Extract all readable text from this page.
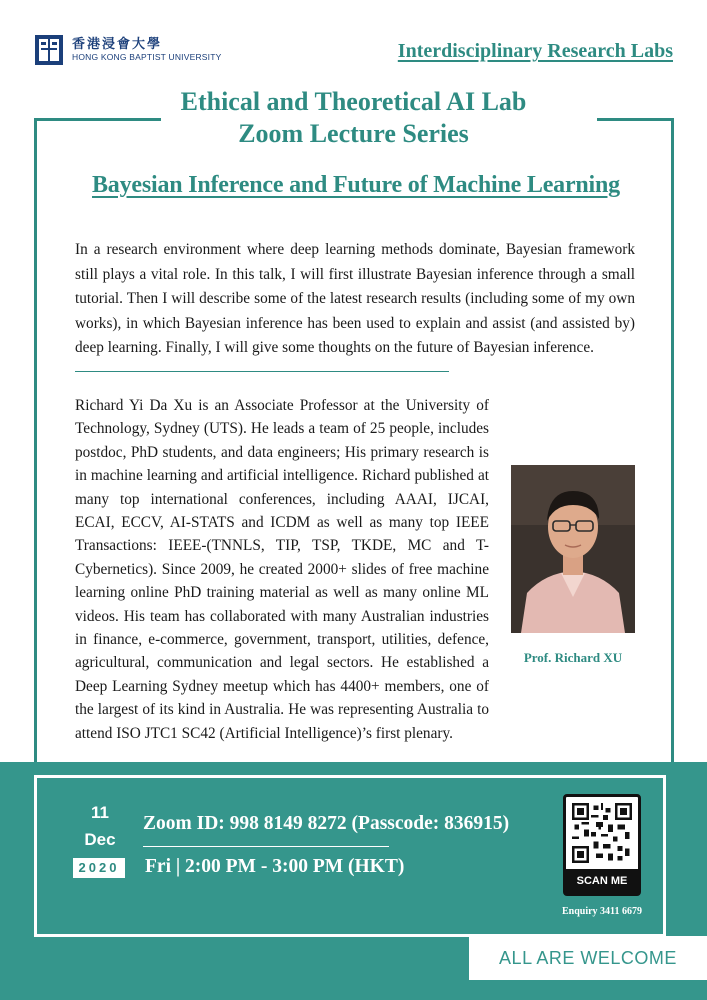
香港浸會大學
HONG KONG BAPTIST UNIVERSITY	Interdisciplinary Research Labs
Ethical and Theoretical AI Lab
Zoom Lecture Series
Bayesian Inference and Future of Machine Learning
In a research environment where deep learning methods dominate, Bayesian framework still plays a vital role. In this talk, I will first illustrate Bayesian inference through a small tutorial. Then I will describe some of the latest research results (including some of my own works), in which Bayesian inference has been used to explain and assist (and assisted by) deep learning. Finally, I will give some thoughts on the future of Bayesian inference.
Richard Yi Da Xu is an Associate Professor at the University of Technology, Sydney (UTS). He leads a team of 25 people, includes postdoc, PhD students, and data engineers; His primary research is in machine learning and artificial intelligence. Richard published at many top international conferences, including AAAI, IJCAI, ECAI, ECCV, AI-STATS and ICDM as well as many top IEEE Transactions: IEEE-(TNNLS, TIP, TSP, TKDE, MC and T-Cybernetics). Since 2009, he created 2000+ slides of free machine learning online PhD training material as well as many online ML videos. His team has collaborated with many Australian industries in finance, e-commerce, government, transport, utilities, defence, agricultural, communication and legal sectors. He established a Deep Learning Sydney meetup which has 4400+ members, one of the largest of its kind in Australia. He was representing Australia to attend ISO JTC1 SC42 (Artificial Intelligence)’s first plenary.
Prof. Richard XU
11
Dec
2020
Zoom ID: 998 8149 8272 (Passcode: 836915)
Fri | 2:00 PM - 3:00 PM (HKT)
SCAN ME
Enquiry 3411 6679
ALL ARE WELCOME
